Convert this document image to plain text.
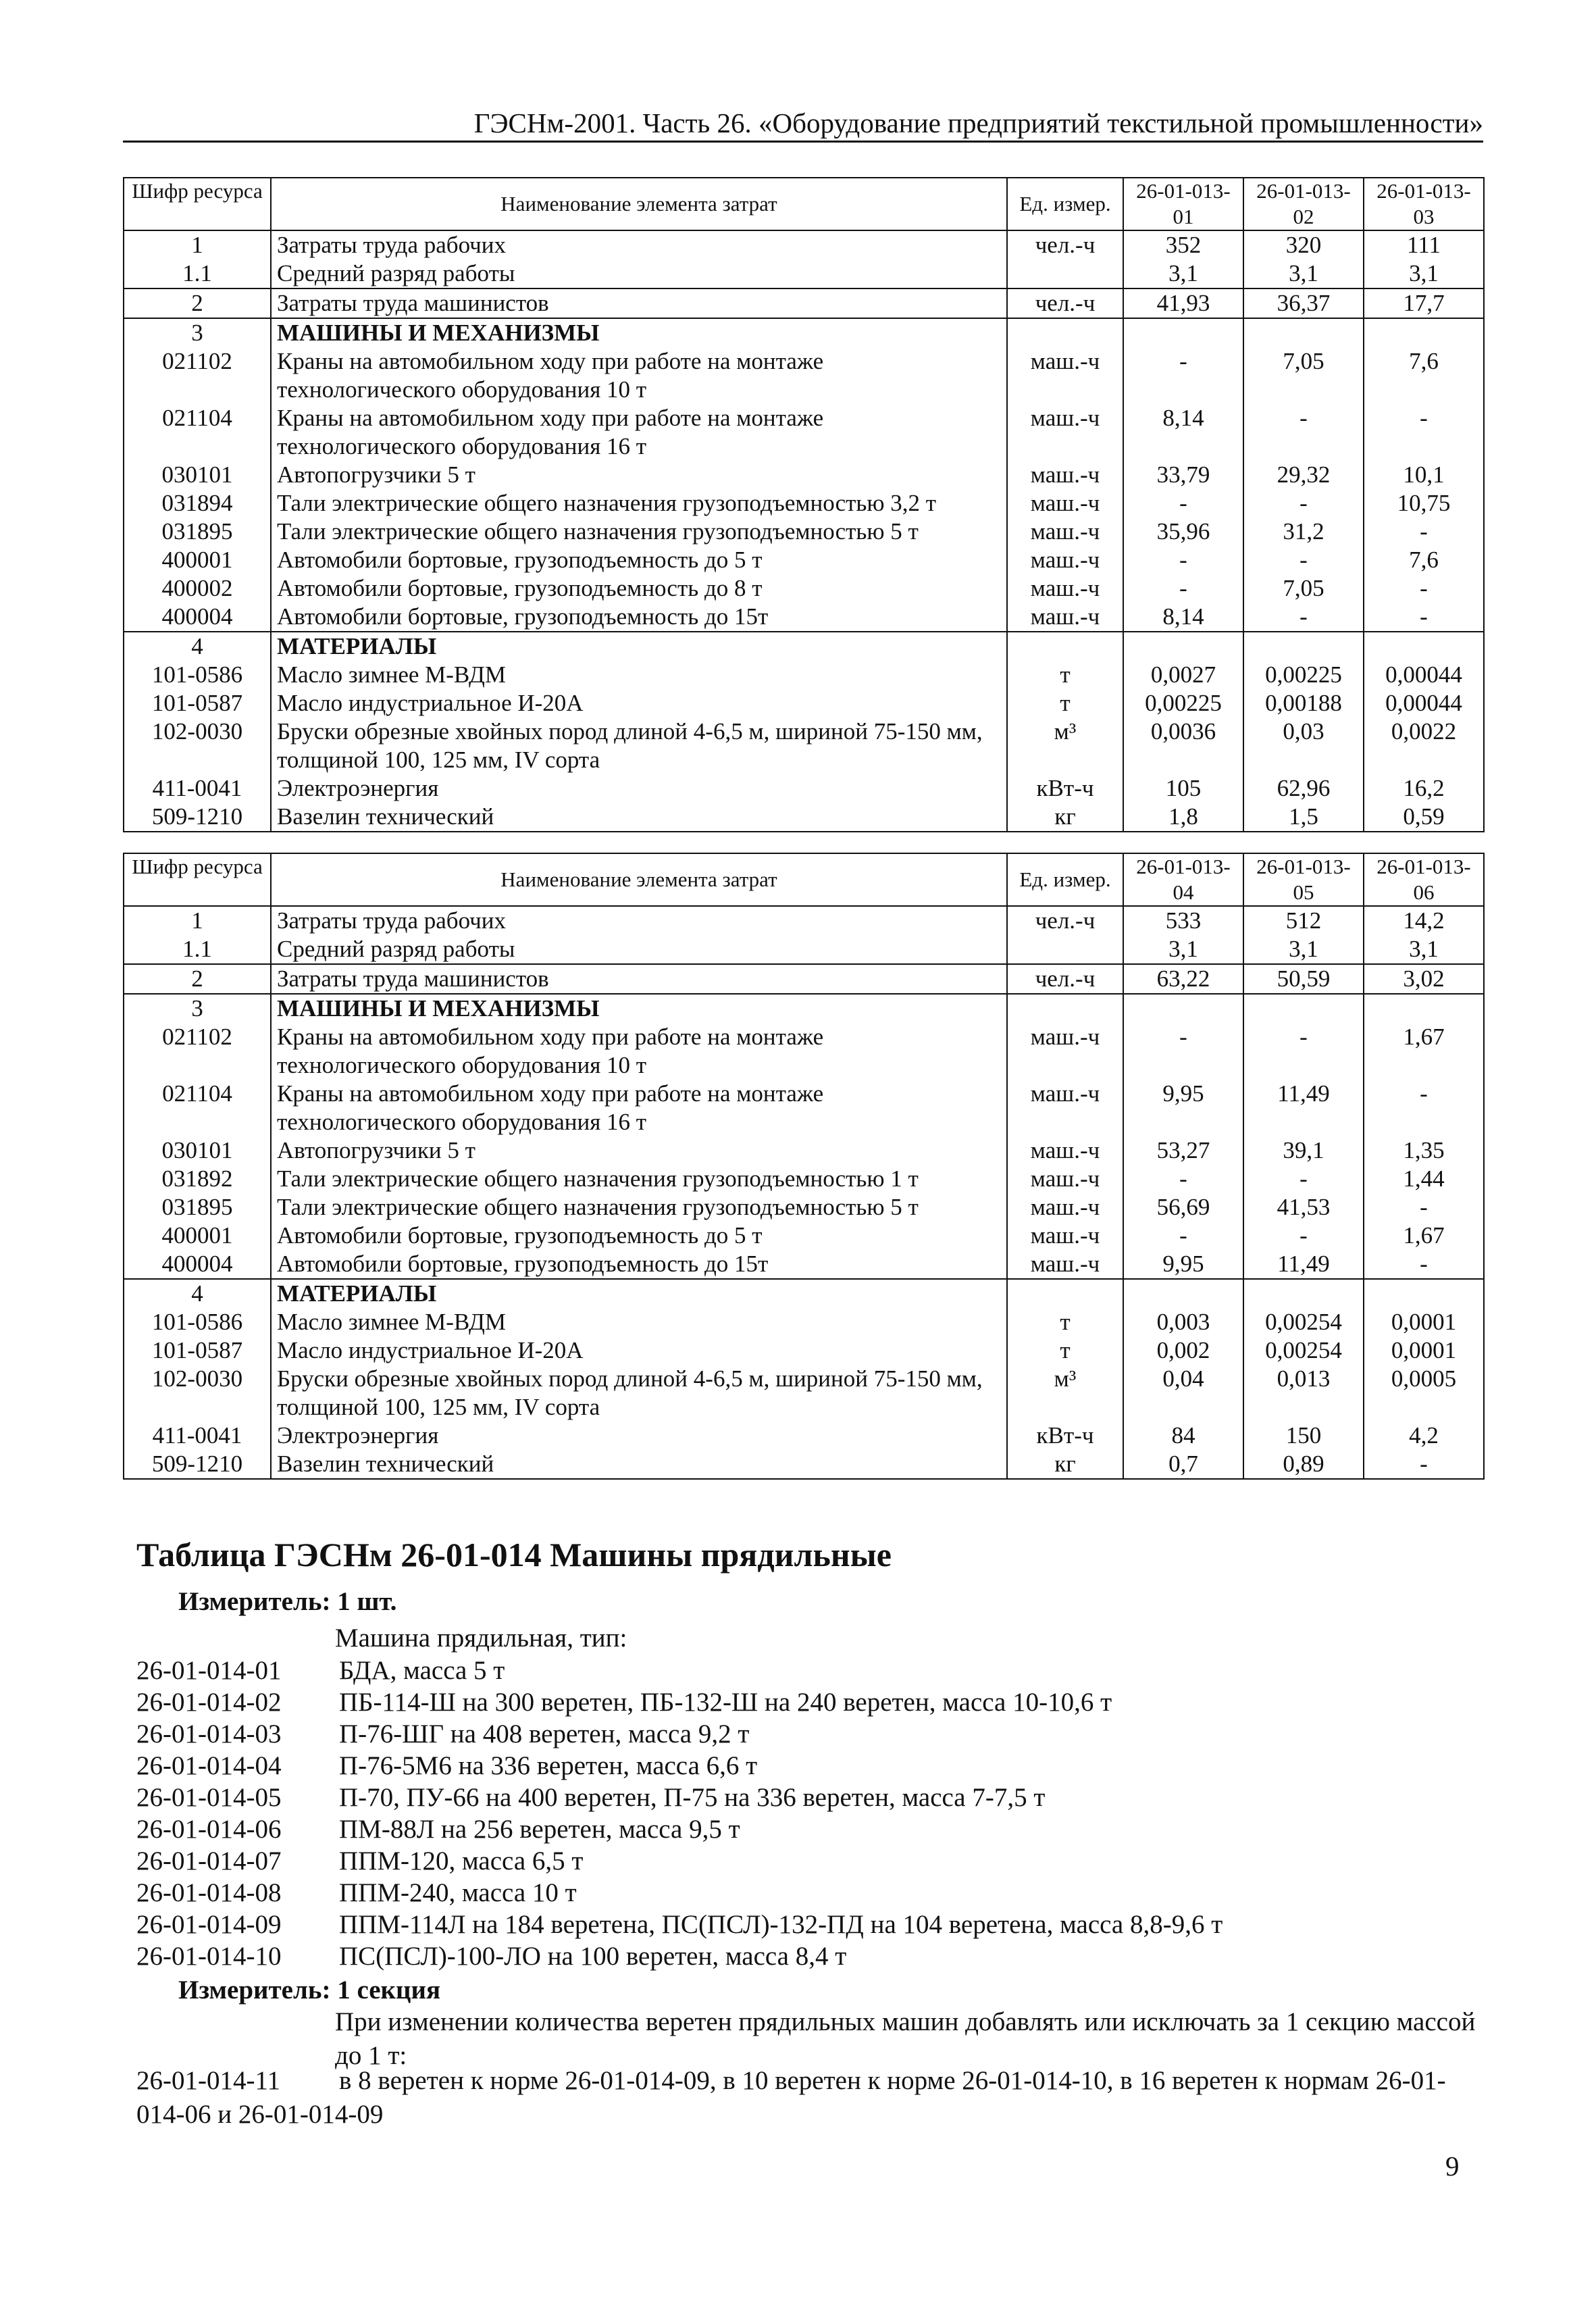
ГЭСНм-2001. Часть 26. «Оборудование предприятий текстильной промышленности»
Шифр ресурса	Наименование элемента затрат	Ед. измер.	26-01-013-01	26-01-013-02	26-01-013-03
1	Затраты труда рабочих	чел.-ч	352	320	111
1.1	Средний разряд работы		3,1	3,1	3,1
2	Затраты труда машинистов	чел.-ч	41,93	36,37	17,7
3	МАШИНЫ И МЕХАНИЗМЫ				
021102	Краны на автомобильном ходу при работе на монтаже технологического оборудования 10 т	маш.-ч	-	7,05	7,6
021104	Краны на автомобильном ходу при работе на монтаже технологического оборудования 16 т	маш.-ч	8,14	-	-
030101	Автопогрузчики 5 т	маш.-ч	33,79	29,32	10,1
031894	Тали электрические общего назначения грузоподъемностью 3,2 т	маш.-ч	-	-	10,75
031895	Тали электрические общего назначения грузоподъемностью 5 т	маш.-ч	35,96	31,2	-
400001	Автомобили бортовые, грузоподъемность до 5 т	маш.-ч	-	-	7,6
400002	Автомобили бортовые, грузоподъемность до 8 т	маш.-ч	-	7,05	-
400004	Автомобили бортовые, грузоподъемность до 15т	маш.-ч	8,14	-	-
4	МАТЕРИАЛЫ				
101-0586	Масло зимнее М-ВДМ	т	0,0027	0,00225	0,00044
101-0587	Масло индустриальное И-20А	т	0,00225	0,00188	0,00044
102-0030	Бруски обрезные хвойных пород длиной 4-6,5 м, шириной 75-150 мм, толщиной 100, 125 мм, IV сорта	м³	0,0036	0,03	0,0022
411-0041	Электроэнергия	кВт-ч	105	62,96	16,2
509-1210	Вазелин технический	кг	1,8	1,5	0,59
Шифр ресурса	Наименование элемента затрат	Ед. измер.	26-01-013-04	26-01-013-05	26-01-013-06
1	Затраты труда рабочих	чел.-ч	533	512	14,2
1.1	Средний разряд работы		3,1	3,1	3,1
2	Затраты труда машинистов	чел.-ч	63,22	50,59	3,02
3	МАШИНЫ И МЕХАНИЗМЫ				
021102	Краны на автомобильном ходу при работе на монтаже технологического оборудования 10 т	маш.-ч	-	-	1,67
021104	Краны на автомобильном ходу при работе на монтаже технологического оборудования 16 т	маш.-ч	9,95	11,49	-
030101	Автопогрузчики 5 т	маш.-ч	53,27	39,1	1,35
031892	Тали электрические общего назначения грузоподъемностью 1 т	маш.-ч	-	-	1,44
031895	Тали электрические общего назначения грузоподъемностью 5 т	маш.-ч	56,69	41,53	-
400001	Автомобили бортовые, грузоподъемность до 5 т	маш.-ч	-	-	1,67
400004	Автомобили бортовые, грузоподъемность до 15т	маш.-ч	9,95	11,49	-
4	МАТЕРИАЛЫ				
101-0586	Масло зимнее М-ВДМ	т	0,003	0,00254	0,0001
101-0587	Масло индустриальное И-20А	т	0,002	0,00254	0,0001
102-0030	Бруски обрезные хвойных пород длиной 4-6,5 м, шириной 75-150 мм, толщиной 100, 125 мм, IV сорта	м³	0,04	0,013	0,0005
411-0041	Электроэнергия	кВт-ч	84	150	4,2
509-1210	Вазелин технический	кг	0,7	0,89	-
Таблица ГЭСНм 26-01-014 Машины прядильные
Измеритель: 1 шт.
Машина прядильная, тип:
26-01-014-01 БДА, масса 5 т
26-01-014-02 ПБ-114-Ш на 300 веретен, ПБ-132-Ш на 240 веретен, масса 10-10,6 т
26-01-014-03 П-76-ШГ на 408 веретен, масса 9,2 т
26-01-014-04 П-76-5М6 на 336 веретен, масса 6,6 т
26-01-014-05 П-70, ПУ-66 на 400 веретен, П-75 на 336 веретен, масса 7-7,5 т
26-01-014-06 ПМ-88Л на 256 веретен, масса 9,5 т
26-01-014-07 ППМ-120, масса 6,5 т
26-01-014-08 ППМ-240, масса 10 т
26-01-014-09 ППМ-114Л на 184 веретена, ПС(ПСЛ)-132-ПД на 104 веретена, масса 8,8-9,6 т
26-01-014-10 ПС(ПСЛ)-100-ЛО на 100 веретен, масса 8,4 т
Измеритель: 1 секция
При изменении количества веретен прядильных машин добавлять или исключать за 1 секцию массой до 1 т:
26-01-014-11 в 8 веретен к норме 26-01-014-09, в 10 веретен к норме 26-01-014-10, в 16 веретен к нормам 26-01-014-06 и 26-01-014-09
9
